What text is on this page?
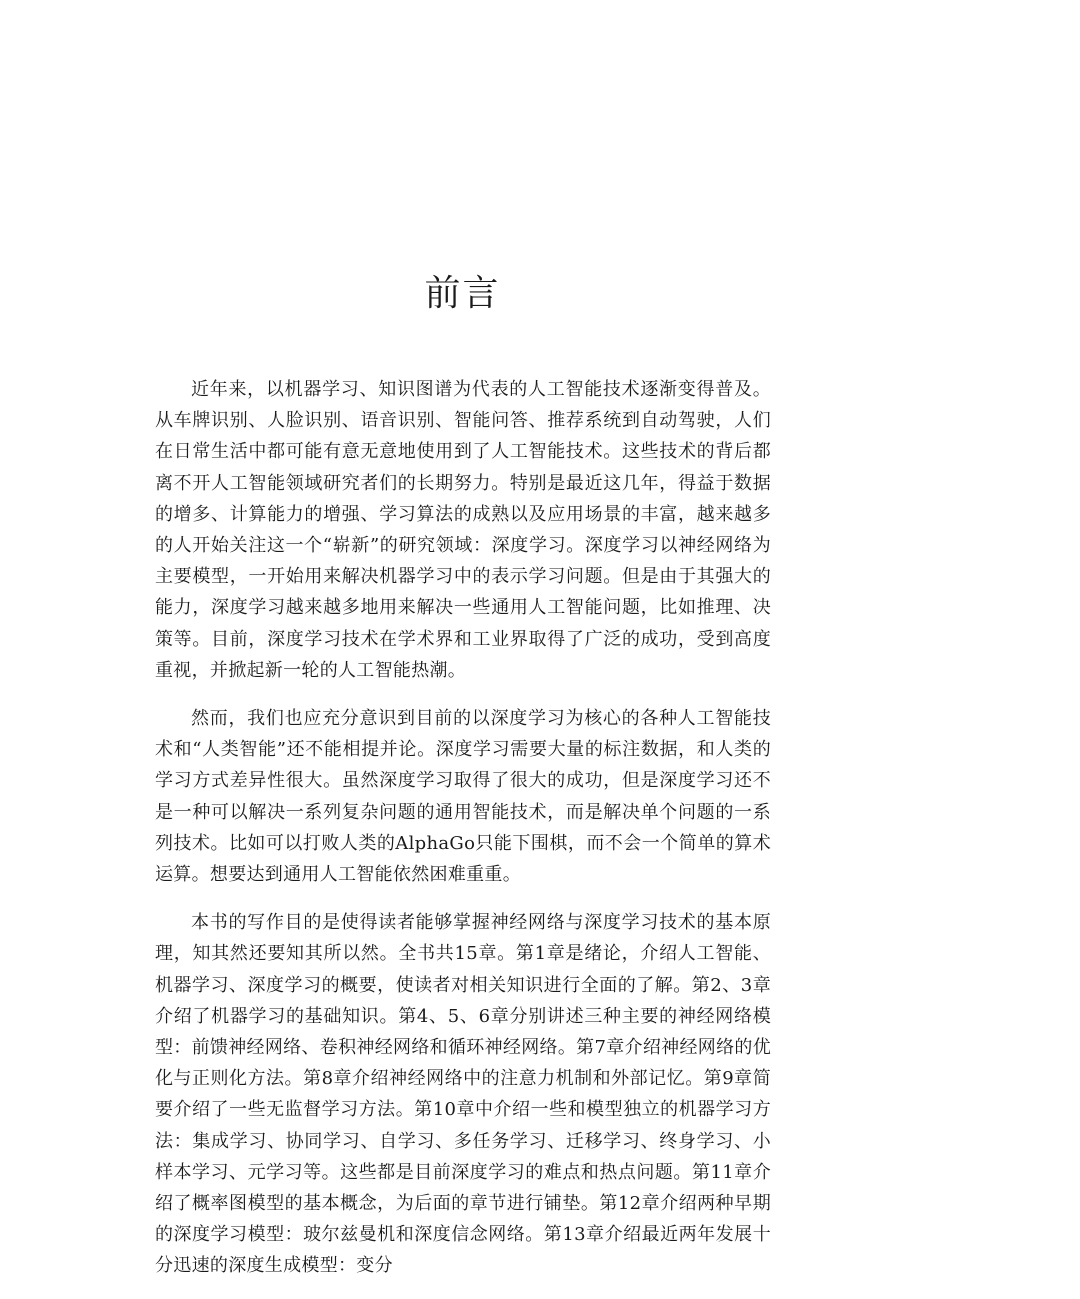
前言

近年来，以机器学习、知识图谱为代表的人工智能技术逐渐变得普及。从车牌识别、人脸识别、语音识别、智能问答、推荐系统到自动驾驶，人们在日常生活中都可能有意无意地使用到了人工智能技术。这些技术的背后都离不开人工智能领域研究者们的长期努力。特别是最近这几年，得益于数据的增多、计算能力的增强、学习算法的成熟以及应用场景的丰富，越来越多的人开始关注这一个“崭新”的研究领域：深度学习。深度学习以神经网络为主要模型，一开始用来解决机器学习中的表示学习问题。但是由于其强大的能力，深度学习越来越多地用来解决一些通用人工智能问题，比如推理、决策等。目前，深度学习技术在学术界和工业界取得了广泛的成功，受到高度重视，并掀起新一轮的人工智能热潮。

然而，我们也应充分意识到目前的以深度学习为核心的各种人工智能技术和“人类智能”还不能相提并论。深度学习需要大量的标注数据，和人类的学习方式差异性很大。虽然深度学习取得了很大的成功，但是深度学习还不是一种可以解决一系列复杂问题的通用智能技术，而是解决单个问题的一系列技术。比如可以打败人类的AlphaGo只能下围棋，而不会一个简单的算术运算。想要达到通用人工智能依然困难重重。

本书的写作目的是使得读者能够掌握神经网络与深度学习技术的基本原理，知其然还要知其所以然。全书共15章。第1章是绪论，介绍人工智能、机器学习、深度学习的概要，使读者对相关知识进行全面的了解。第2、3章介绍了机器学习的基础知识。第4、5、6章分别讲述三种主要的神经网络模型：前馈神经网络、卷积神经网络和循环神经网络。第7章介绍神经网络的优化与正则化方法。第8章介绍神经网络中的注意力机制和外部记忆。第9章简要介绍了一些无监督学习方法。第10章中介绍一些和模型独立的机器学习方法：集成学习、协同学习、自学习、多任务学习、迁移学习、终身学习、小样本学习、元学习等。这些都是目前深度学习的难点和热点问题。第11章介绍了概率图模型的基本概念，为后面的章节进行铺垫。第12章介绍两种早期的深度学习模型：玻尔兹曼机和深度信念网络。第13章介绍最近两年发展十分迅速的深度生成模型：变分
